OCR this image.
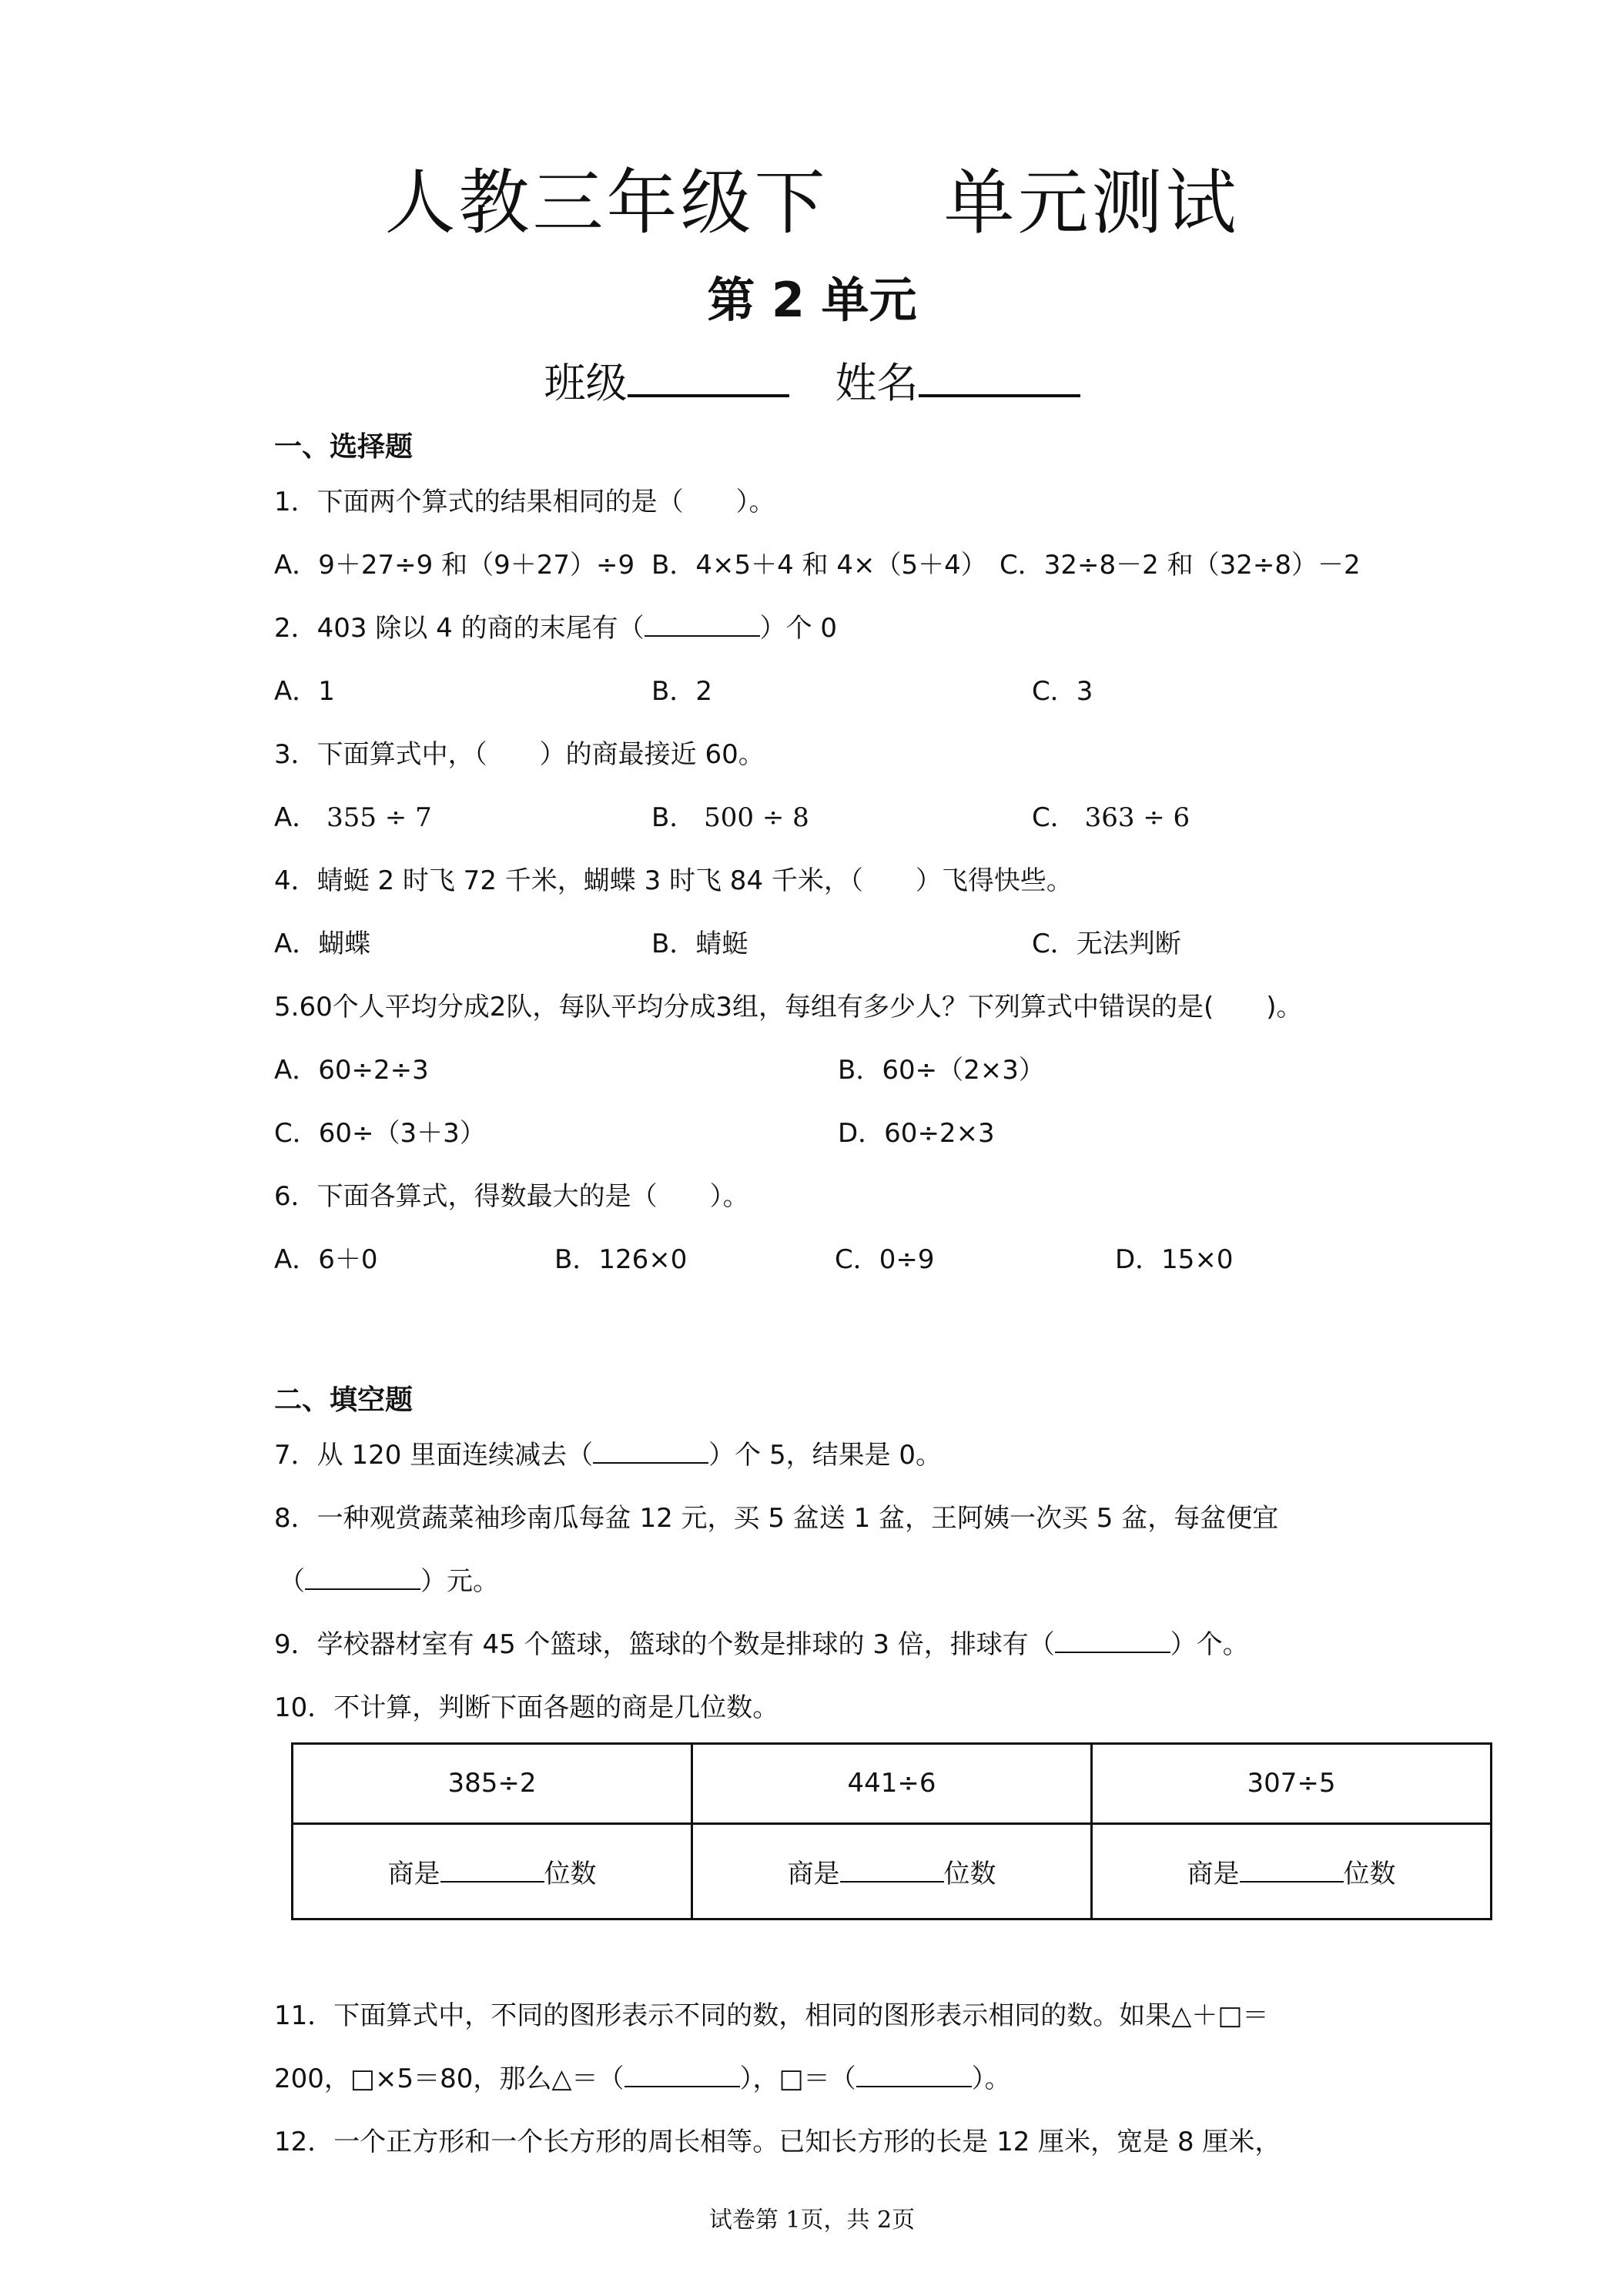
人教三年级下 单元测试
第 2 单元
班级	姓名
一、选择题
1．下面两个算式的结果相同的是（　　）。
A．9＋27÷9 和（9＋27）÷9 B．4×5＋4 和 4×（5＋4） C．32÷8－2 和（32÷8）－2
2．403 除以 4 的商的末尾有（	）个 0
A．1	B．2	C．3
3．下面算式中，（　　）的商最接近 60。
A． 355 ÷ 7	B． 500 ÷ 8	C． 363 ÷ 6
4．蜻蜓 2 时飞 72 千米，蝴蝶 3 时飞 84 千米，（　　）飞得快些。
A．蝴蝶	B．蜻蜓	C．无法判断
5.60个人平均分成2队，每队平均分成3组，每组有多少人？下列算式中错误的是(　　)。
A．60÷2÷3	B．60÷（2×3）
C．60÷（3＋3）	D．60÷2×3
6．下面各算式，得数最大的是（　　）。
A．6＋0	B．126×0	C．0÷9	D．15×0
二、填空题
7．从 120 里面连续减去（	）个 5，结果是 0。
8．一种观赏蔬菜袖珍南瓜每盆 12 元，买 5 盆送 1 盆，王阿姨一次买 5 盆，每盆便宜
（	）元。
9．学校器材室有 45 个篮球，篮球的个数是排球的 3 倍，排球有（	）个。
10．不计算，判断下面各题的商是几位数。
385÷2	441÷6	307÷5
商是 位数	商是 位数	商是 位数
11．下面算式中，不同的图形表示不同的数，相同的图形表示相同的数。如果△＋□＝
200，□×5＝80，那么△＝（	），□＝（	）。
12．一个正方形和一个长方形的周长相等。已知长方形的长是 12 厘米，宽是 8 厘米，
试卷第 1页，共 2页
